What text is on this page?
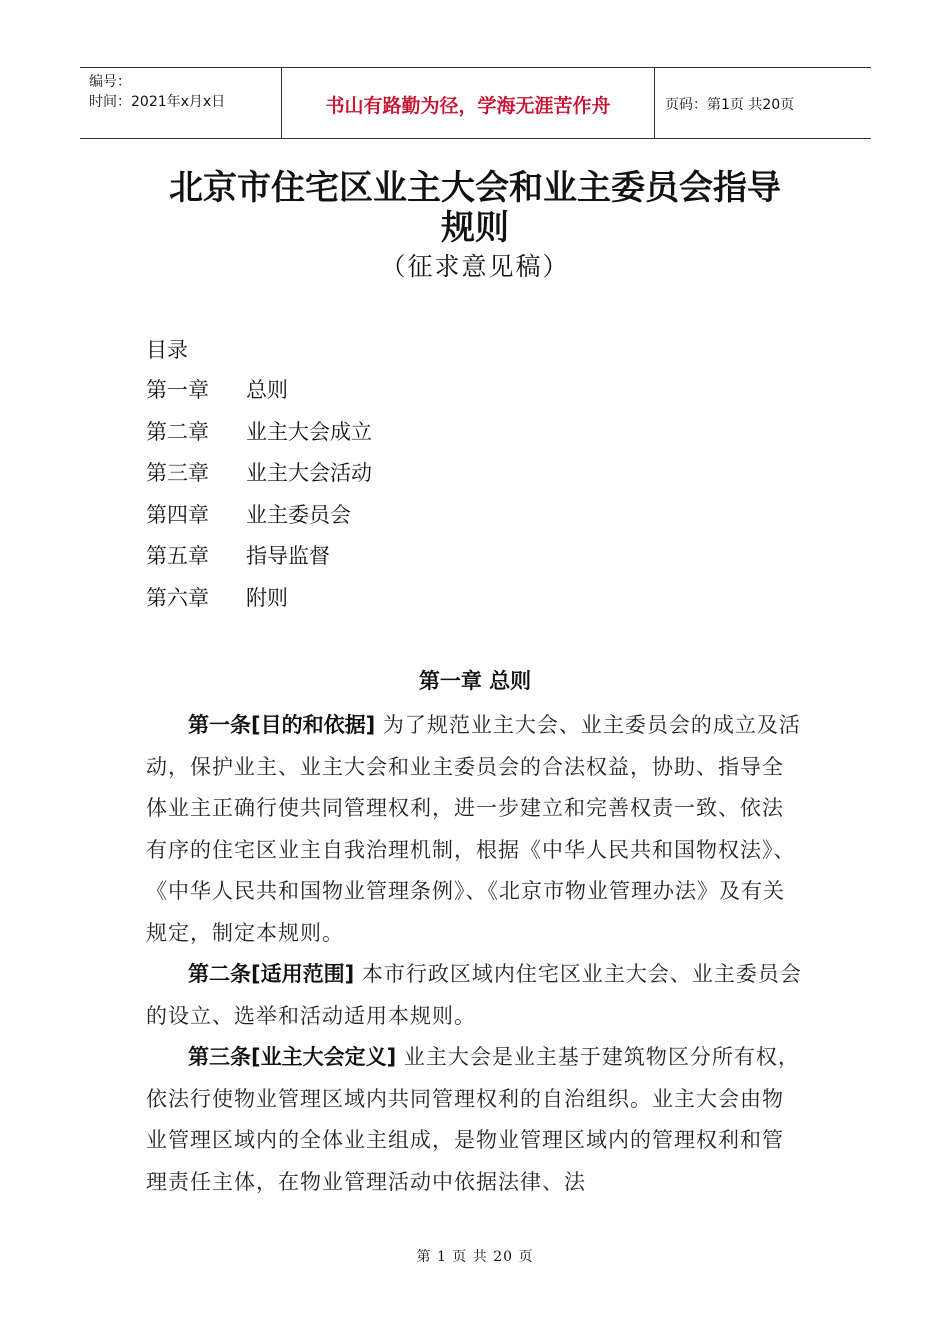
编号：
时间：2021年x月x日	书山有路勤为径，学海无涯苦作舟	页码：第1页 共20页
北京市住宅区业主大会和业主委员会指导
规则
（征求意见稿）
目录
第一章 总则
第二章 业主大会成立
第三章 业主大会活动
第四章 业主委员会
第五章 指导监督
第六章 附则
第一章 总则

第一条[目的和依据] 为了规范业主大会、业主委员会的成立及活动，保护业主、业主大会和业主委员会的合法权益，协助、指导全体业主正确行使共同管理权利，进一步建立和完善权责一致、依法有序的住宅区业主自我治理机制，根据《中华人民共和国物权法》、《中华人民共和国物业管理条例》、《北京市物业管理办法》及有关规定，制定本规则。

第二条[适用范围] 本市行政区域内住宅区业主大会、业主委员会的设立、选举和活动适用本规则。

第三条[业主大会定义] 业主大会是业主基于建筑物区分所有权，依法行使物业管理区域内共同管理权利的自治组织。业主大会由物业管理区域内的全体业主组成，是物业管理区域内的管理权利和管理责任主体，在物业管理活动中依据法律、法

第 1 页 共 20 页
